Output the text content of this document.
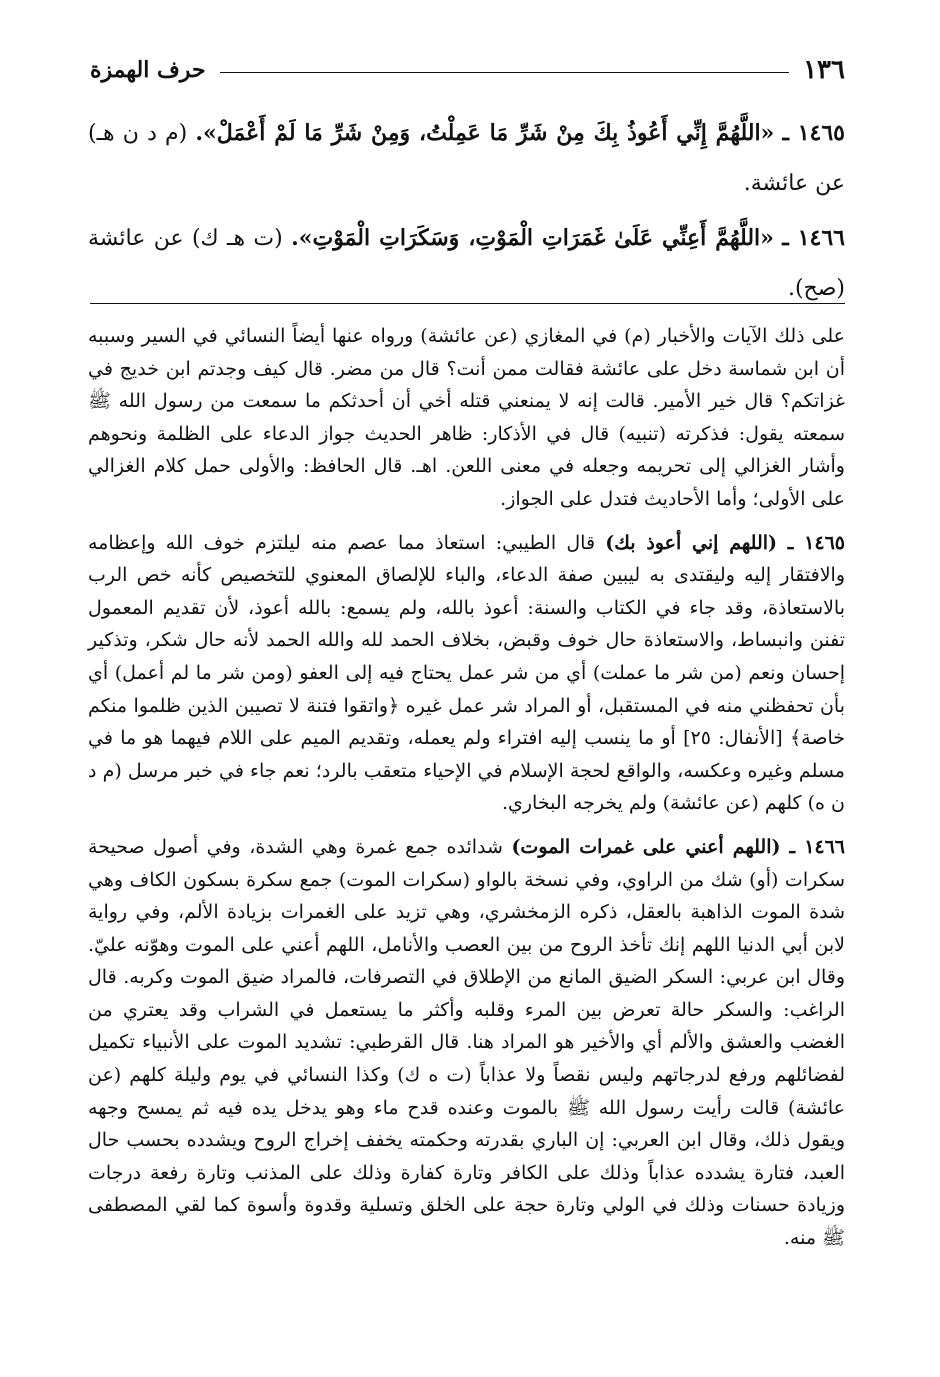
١٣٦
حرف الهمزة

١٤٦٥ ـ «اللَّهُمَّ إِنِّي أَعُوذُ بِكَ مِنْ شَرِّ مَا عَمِلْتُ، وَمِنْ شَرِّ مَا لَمْ أَعْمَلْ». (م د ن هـ) عن عائشة.

١٤٦٦ ـ «اللَّهُمَّ أَعِنِّي عَلَىٰ غَمَرَاتِ الْمَوْتِ، وَسَكَرَاتِ الْمَوْتِ». (ت هـ ك) عن عائشة (صح).

على ذلك الآيات والأخبار (م) في المغازي (عن عائشة) ورواه عنها أيضاً النسائي في السير وسببه أن ابن شماسة دخل على عائشة فقالت ممن أنت؟ قال من مضر. قال كيف وجدتم ابن خديج في غزاتكم؟ قال خير الأمير. قالت إنه لا يمنعني قتله أخي أن أحدثكم ما سمعت من رسول الله ﷺ سمعته يقول: فذكرته (تنبيه) قال في الأذكار: ظاهر الحديث جواز الدعاء على الظلمة ونحوهم وأشار الغزالي إلى تحريمه وجعله في معنى اللعن. اهـ. قال الحافظ: والأولى حمل كلام الغزالي على الأولى؛ وأما الأحاديث فتدل على الجواز.

١٤٦٥ ـ (اللهم إني أعوذ بك) قال الطيبي: استعاذ مما عصم منه ليلتزم خوف الله وإعظامه والافتقار إليه وليقتدى به ليبين صفة الدعاء، والباء للإلصاق المعنوي للتخصيص كأنه خص الرب بالاستعاذة، وقد جاء في الكتاب والسنة: أعوذ بالله، ولم يسمع: بالله أعوذ، لأن تقديم المعمول تفنن وانبساط، والاستعاذة حال خوف وقبض، بخلاف الحمد لله والله الحمد لأنه حال شكر، وتذكير إحسان ونعم (من شر ما عملت) أي من شر عمل يحتاج فيه إلى العفو (ومن شر ما لم أعمل) أي بأن تحفظني منه في المستقبل، أو المراد شر عمل غيره ﴿واتقوا فتنة لا تصيبن الذين ظلموا منكم خاصة﴾ [الأنفال: ٢٥] أو ما ينسب إليه افتراء ولم يعمله، وتقديم الميم على اللام فيهما هو ما في مسلم وغيره وعكسه، والواقع لحجة الإسلام في الإحياء متعقب بالرد؛ نعم جاء في خبر مرسل (م د ن ه) كلهم (عن عائشة) ولم يخرجه البخاري.

١٤٦٦ ـ (اللهم أعني على غمرات الموت) شدائده جمع غمرة وهي الشدة، وفي أصول صحيحة سكرات (أو) شك من الراوي، وفي نسخة بالواو (سكرات الموت) جمع سكرة بسكون الكاف وهي شدة الموت الذاهبة بالعقل، ذكره الزمخشري، وهي تزيد على الغمرات بزيادة الألم، وفي رواية لابن أبي الدنيا اللهم إنك تأخذ الروح من بين العصب والأنامل، اللهم أعني على الموت وهوّنه عليّ. وقال ابن عربي: السكر الضيق المانع من الإطلاق في التصرفات، فالمراد ضيق الموت وكربه. قال الراغب: والسكر حالة تعرض بين المرء وقلبه وأكثر ما يستعمل في الشراب وقد يعتري من الغضب والعشق والألم أي والأخير هو المراد هنا. قال القرطبي: تشديد الموت على الأنبياء تكميل لفضائلهم ورفع لدرجاتهم وليس نقصاً ولا عذاباً (ت ه ك) وكذا النسائي في يوم وليلة كلهم (عن عائشة) قالت رأيت رسول الله ﷺ بالموت وعنده قدح ماء وهو يدخل يده فيه ثم يمسح وجهه ويقول ذلك، وقال ابن العربي: إن الباري بقدرته وحكمته يخفف إخراج الروح ويشدده بحسب حال العبد، فتارة يشدده عذاباً وذلك على الكافر وتارة كفارة وذلك على المذنب وتارة رفعة درجات وزيادة حسنات وذلك في الولي وتارة حجة على الخلق وتسلية وقدوة وأسوة كما لقي المصطفى ﷺ منه.
